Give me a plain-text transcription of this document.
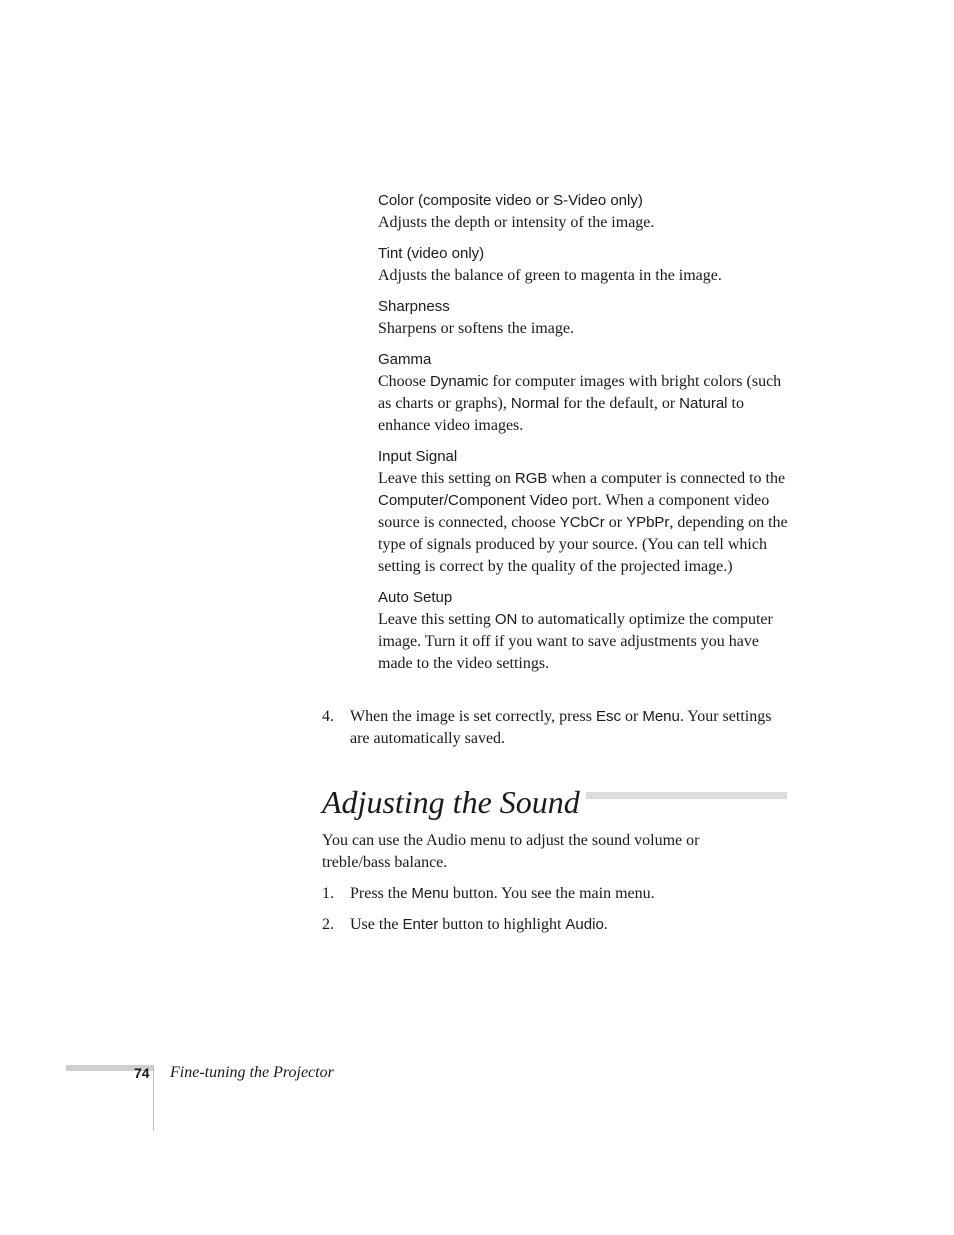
Color (composite video or S-Video only)
Adjusts the depth or intensity of the image.
Tint (video only)
Adjusts the balance of green to magenta in the image.
Sharpness
Sharpens or softens the image.
Gamma
Choose Dynamic for computer images with bright colors (such as charts or graphs), Normal for the default, or Natural to enhance video images.
Input Signal
Leave this setting on RGB when a computer is connected to the Computer/Component Video port. When a component video source is connected, choose YCbCr or YPbPr, depending on the type of signals produced by your source. (You can tell which setting is correct by the quality of the projected image.)
Auto Setup
Leave this setting ON to automatically optimize the computer image. Turn it off if you want to save adjustments you have made to the video settings.
4. When the image is set correctly, press Esc or Menu. Your settings are automatically saved.
Adjusting the Sound
You can use the Audio menu to adjust the sound volume or treble/bass balance.
1. Press the Menu button. You see the main menu.
2. Use the Enter button to highlight Audio.
74 Fine-tuning the Projector
